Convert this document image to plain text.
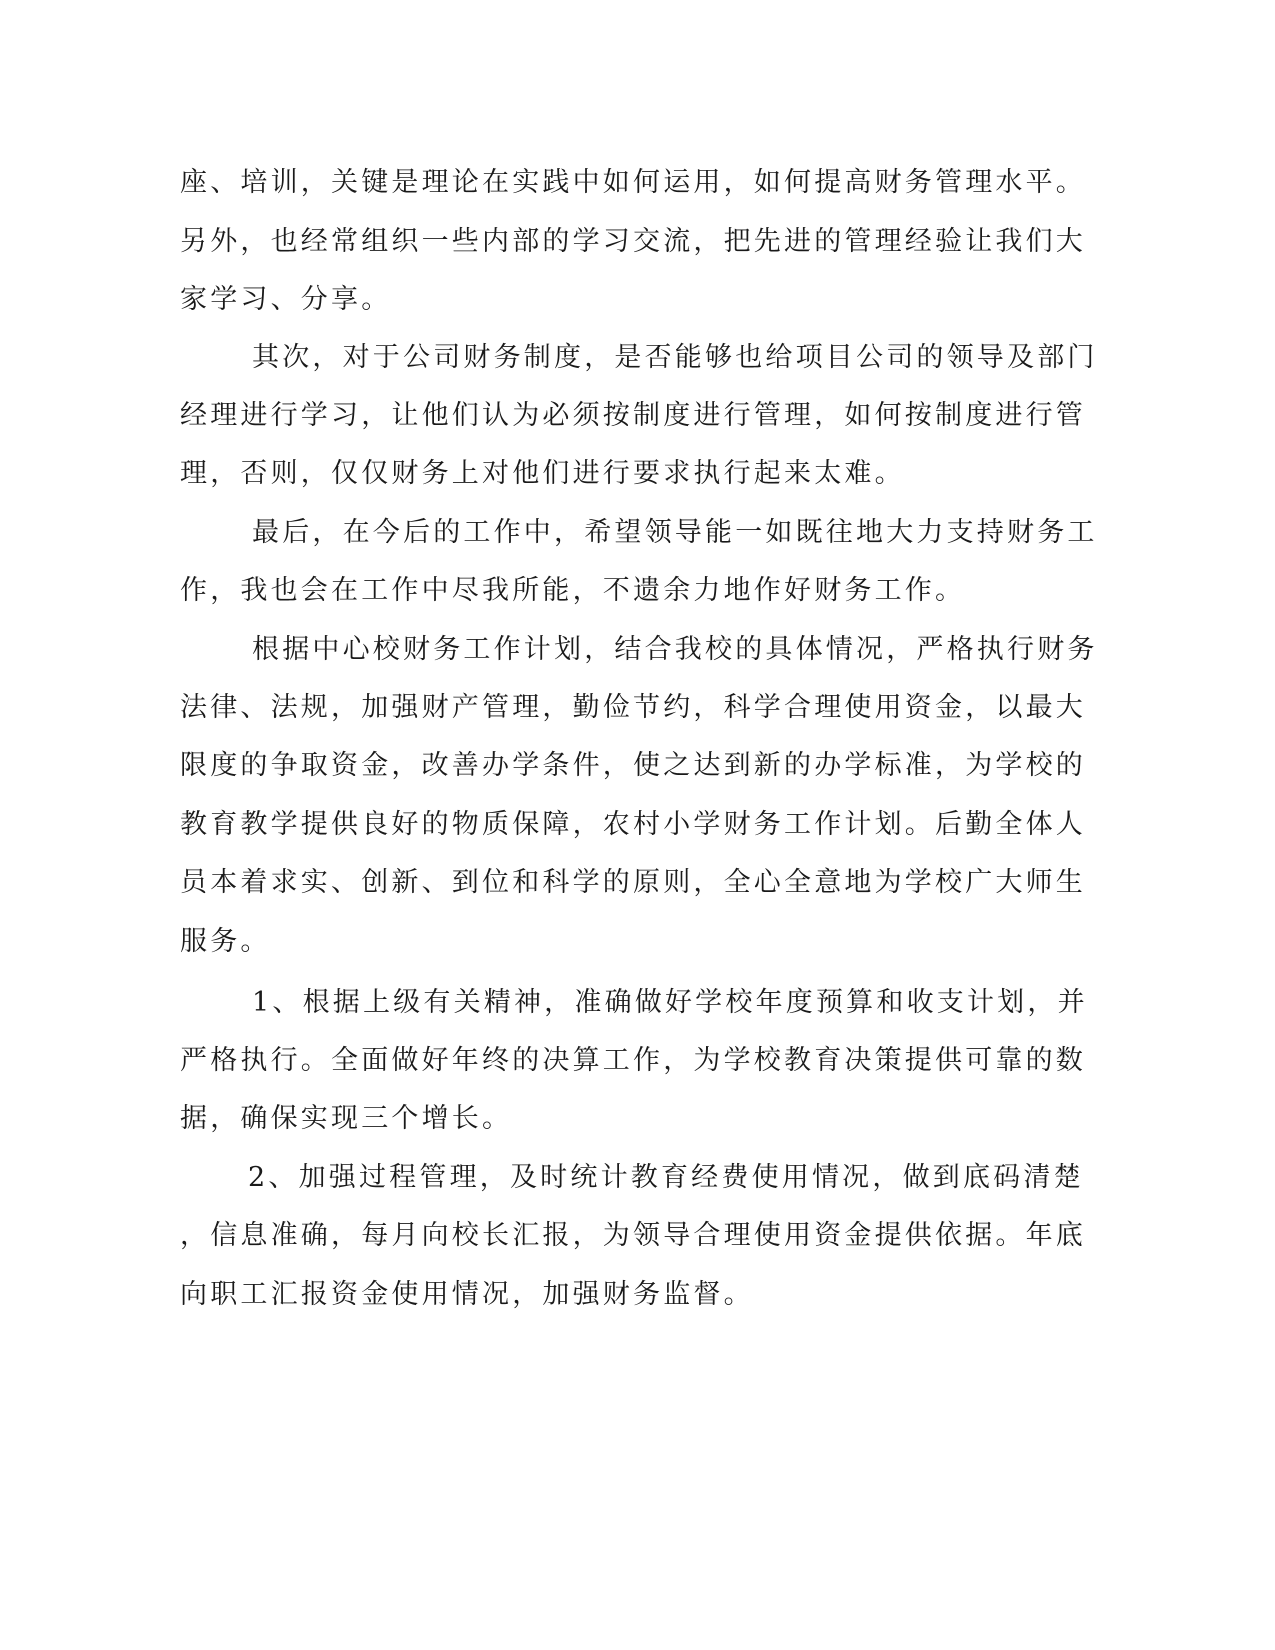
座、培训，关键是理论在实践中如何运用，如何提高财务管理水平。
另外，也经常组织一些内部的学习交流，把先进的管理经验让我们大
家学习、分享。
其次，对于公司财务制度，是否能够也给项目公司的领导及部门
经理进行学习，让他们认为必须按制度进行管理，如何按制度进行管
理，否则，仅仅财务上对他们进行要求执行起来太难。
最后，在今后的工作中，希望领导能一如既往地大力支持财务工
作，我也会在工作中尽我所能，不遗余力地作好财务工作。
根据中心校财务工作计划，结合我校的具体情况，严格执行财务
法律、法规，加强财产管理，勤俭节约，科学合理使用资金，以最大
限度的争取资金，改善办学条件，使之达到新的办学标准，为学校的
教育教学提供良好的物质保障，农村小学财务工作计划。后勤全体人
员本着求实、创新、到位和科学的原则，全心全意地为学校广大师生
服务。
1、根据上级有关精神，准确做好学校年度预算和收支计划，并
严格执行。全面做好年终的决算工作，为学校教育决策提供可靠的数
据，确保实现三个增长。
2、加强过程管理，及时统计教育经费使用情况，做到底码清楚
，信息准确，每月向校长汇报，为领导合理使用资金提供依据。年底
向职工汇报资金使用情况，加强财务监督。
